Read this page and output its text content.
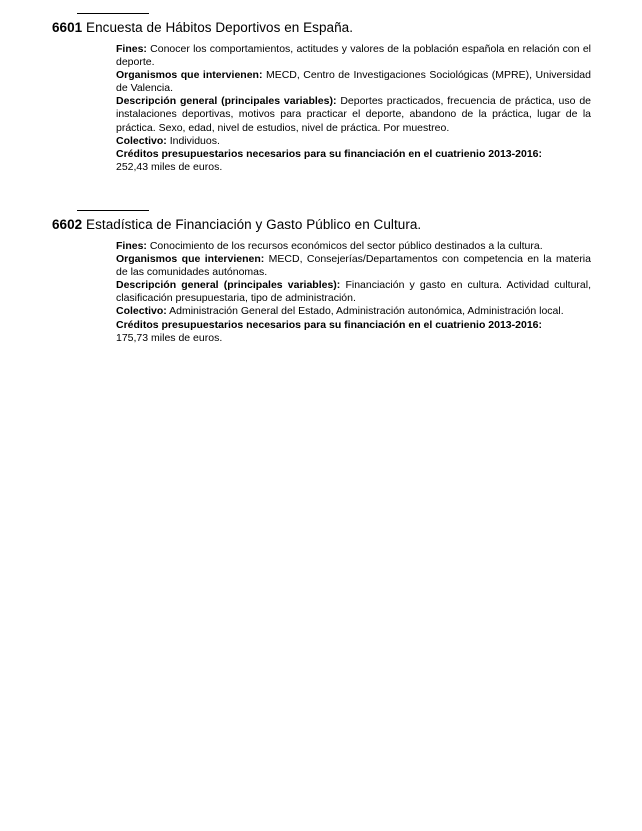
6601 Encuesta de Hábitos Deportivos en España.

Fines: Conocer los comportamientos, actitudes y valores de la población española en relación con el deporte.

Organismos que intervienen: MECD, Centro de Investigaciones Sociológicas (MPRE), Universidad de Valencia.

Descripción general (principales variables): Deportes practicados, frecuencia de práctica, uso de instalaciones deportivas, motivos para practicar el deporte, abandono de la práctica, lugar de la práctica. Sexo, edad, nivel de estudios, nivel de práctica. Por muestreo.

Colectivo: Individuos.

Créditos presupuestarios necesarios para su financiación en el cuatrienio 2013-2016:
252,43 miles de euros.

6602 Estadística de Financiación y Gasto Público en Cultura.

Fines: Conocimiento de los recursos económicos del sector público destinados a la cultura.

Organismos que intervienen: MECD, Consejerías/Departamentos con competencia en la materia de las comunidades autónomas.

Descripción general (principales variables): Financiación y gasto en cultura. Actividad cultural, clasificación presupuestaria, tipo de administración.

Colectivo: Administración General del Estado, Administración autonómica, Administración local.

Créditos presupuestarios necesarios para su financiación en el cuatrienio 2013-2016:
175,73 miles de euros.
